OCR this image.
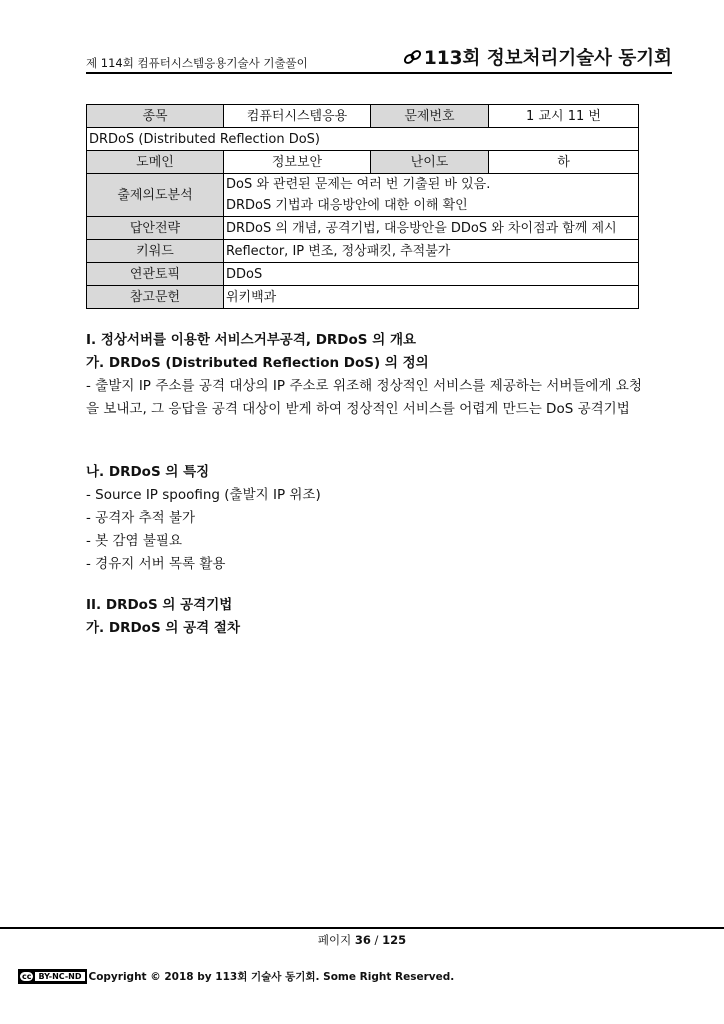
제 114회 컴퓨터시스템응용기술사 기출풀이	113회 정보처리기술사 동기회
종목	컴퓨터시스템응용	문제번호	1 교시 11 번
DRDoS (Distributed Reflection DoS)			
도메인	정보보안	난이도	하
출제의도분석	DoS 와 관련된 문제는 여러 번 기출된 바 있음.
DRDoS 기법과 대응방안에 대한 이해 확인		

답안전략	DRDoS 의 개념, 공격기법, 대응방안을 DDoS 와 차이점과 함께 제시		
키워드	Reflector, IP 변조, 정상패킷, 추적불가		
연관토픽	DDoS		
참고문헌	위키백과		
I. 정상서버를 이용한 서비스거부공격, DRDoS 의 개요
가. DRDoS (Distributed Reflection DoS) 의 정의
- 출발지 IP 주소를 공격 대상의 IP 주소로 위조해 정상적인 서비스를 제공하는 서버들에게 요청을 보내고, 그 응답을 공격 대상이 받게 하여 정상적인 서비스를 어렵게 만드는 DoS 공격기법
나. DRDoS 의 특징
- Source IP spoofing (출발지 IP 위조)
- 공격자 추적 불가
- 봇 감염 불필요
- 경유지 서버 목록 활용
II. DRDoS 의 공격기법
가. DRDoS 의 공격 절차
페이지 36 / 125
cc BY-NC-ND Copyright © 2018 by 113회 기술사 동기회. Some Right Reserved.
